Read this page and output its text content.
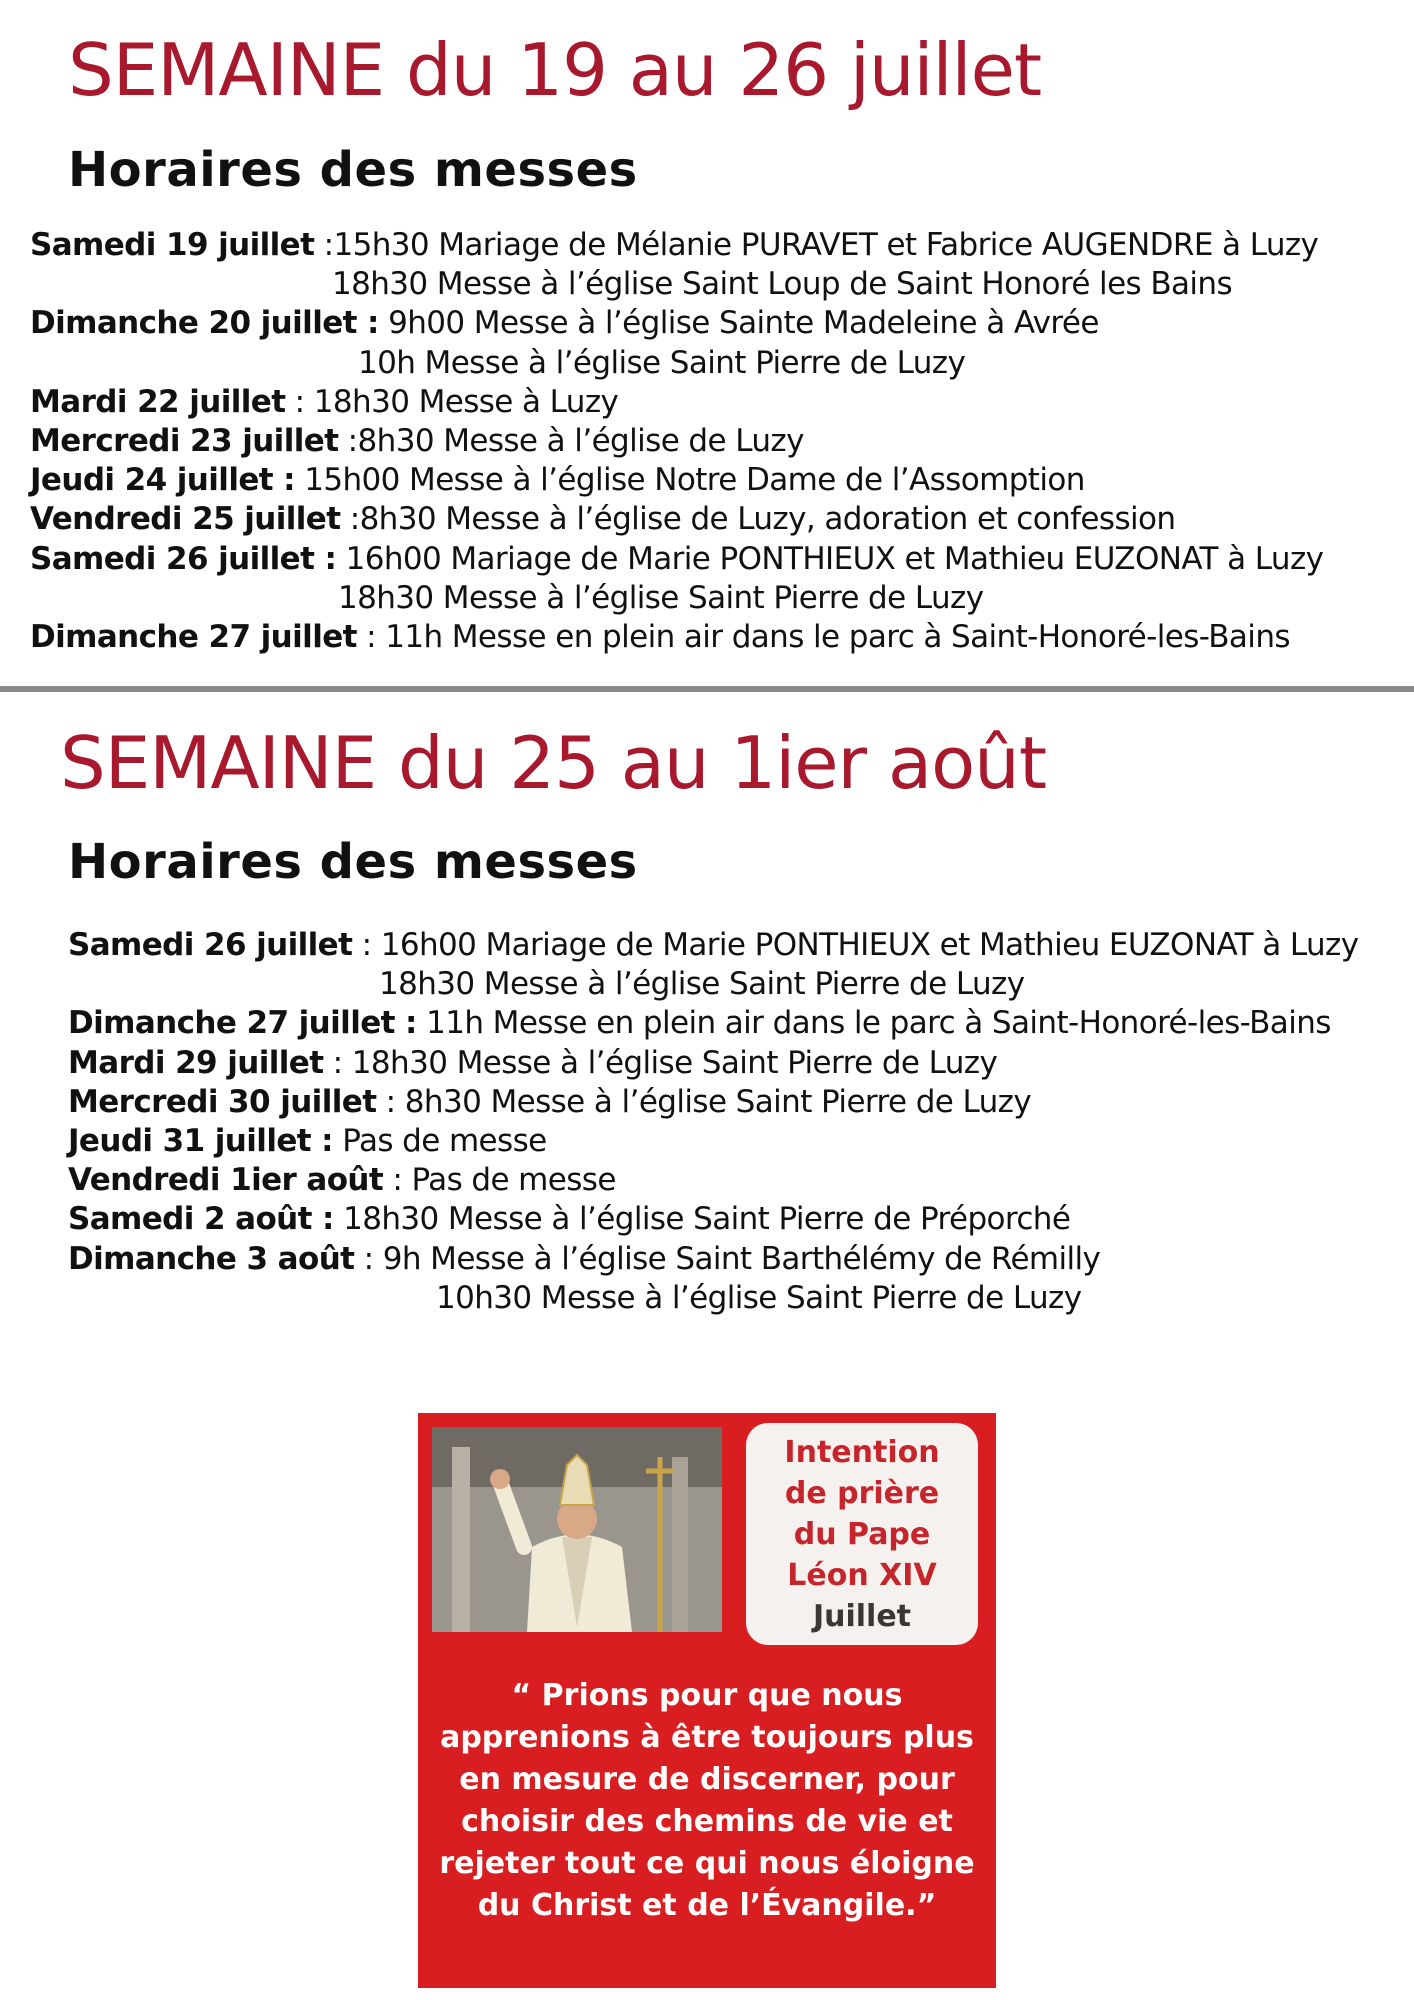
SEMAINE du 19 au 26 juillet
Horaires des messes
Samedi 19 juillet :15h30 Mariage de Mélanie PURAVET et Fabrice AUGENDRE à Luzy
18h30 Messe à l’église Saint Loup de Saint Honoré les Bains
Dimanche 20 juillet : 9h00 Messe à l’église Sainte Madeleine à Avrée
10h Messe à l’église Saint Pierre de Luzy
Mardi 22 juillet : 18h30 Messe à Luzy
Mercredi 23 juillet :8h30 Messe à l’église de Luzy
Jeudi 24 juillet : 15h00 Messe à l’église Notre Dame de l’Assomption
Vendredi 25 juillet :8h30 Messe à l’église de Luzy, adoration et confession
Samedi 26 juillet : 16h00 Mariage de Marie PONTHIEUX et Mathieu EUZONAT à Luzy
18h30 Messe à l’église Saint Pierre de Luzy
Dimanche 27 juillet : 11h Messe en plein air dans le parc à Saint-Honoré-les-Bains
SEMAINE du 25 au 1ier août
Horaires des messes
Samedi 26 juillet : 16h00 Mariage de Marie PONTHIEUX et Mathieu EUZONAT à Luzy
18h30 Messe à l’église Saint Pierre de Luzy
Dimanche 27 juillet : 11h Messe en plein air dans le parc à Saint-Honoré-les-Bains
Mardi 29 juillet : 18h30 Messe à l’église Saint Pierre de Luzy
Mercredi 30 juillet : 8h30 Messe à l’église Saint Pierre de Luzy
Jeudi 31 juillet : Pas de messe
Vendredi 1ier août : Pas de messe
Samedi 2 août : 18h30 Messe à l’église Saint Pierre de Préporché
Dimanche 3 août : 9h Messe à l’église Saint Barthélémy de Rémilly
10h30 Messe à l’église Saint Pierre de Luzy
Intention
de prière
du Pape
Léon XIV
Juillet
“ Prions pour que nous apprenions à être toujours plus en mesure de discerner, pour choisir des chemins de vie et rejeter tout ce qui nous éloigne du Christ et de l’Évangile.”
